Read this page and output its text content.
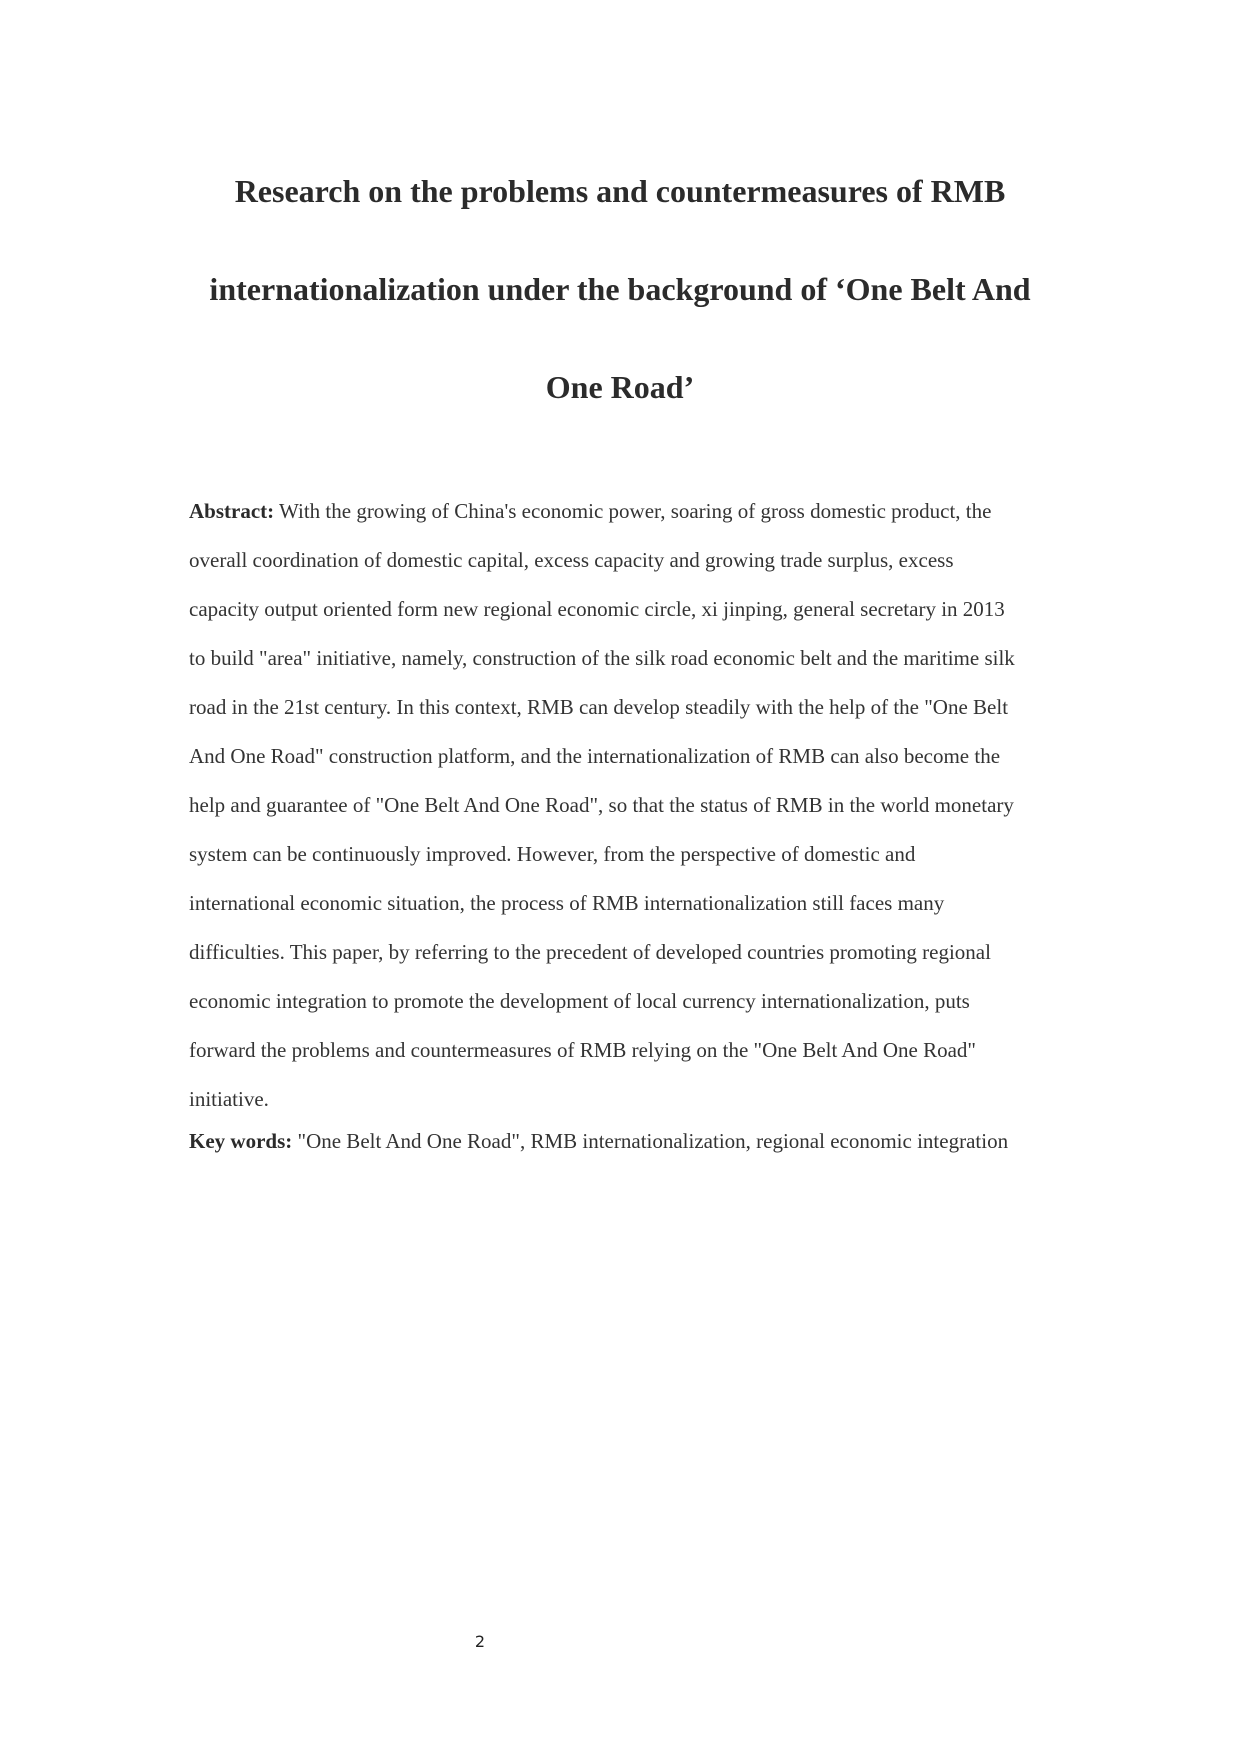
Research on the problems and countermeasures of RMB
internationalization under the background of ‘One Belt And
One Road’
Abstract: With the growing of China's economic power, soaring of gross domestic product, the
overall coordination of domestic capital, excess capacity and growing trade surplus, excess
capacity output oriented form new regional economic circle, xi jinping, general secretary in 2013
to build "area" initiative, namely, construction of the silk road economic belt and the maritime silk
road in the 21st century. In this context, RMB can develop steadily with the help of the "One Belt
And One Road" construction platform, and the internationalization of RMB can also become the
help and guarantee of "One Belt And One Road", so that the status of RMB in the world monetary
system can be continuously improved. However, from the perspective of domestic and
international economic situation, the process of RMB internationalization still faces many
difficulties. This paper, by referring to the precedent of developed countries promoting regional
economic integration to promote the development of local currency internationalization, puts
forward the problems and countermeasures of RMB relying on the "One Belt And One Road"
initiative.
Key words: "One Belt And One Road", RMB internationalization, regional economic integration
2
